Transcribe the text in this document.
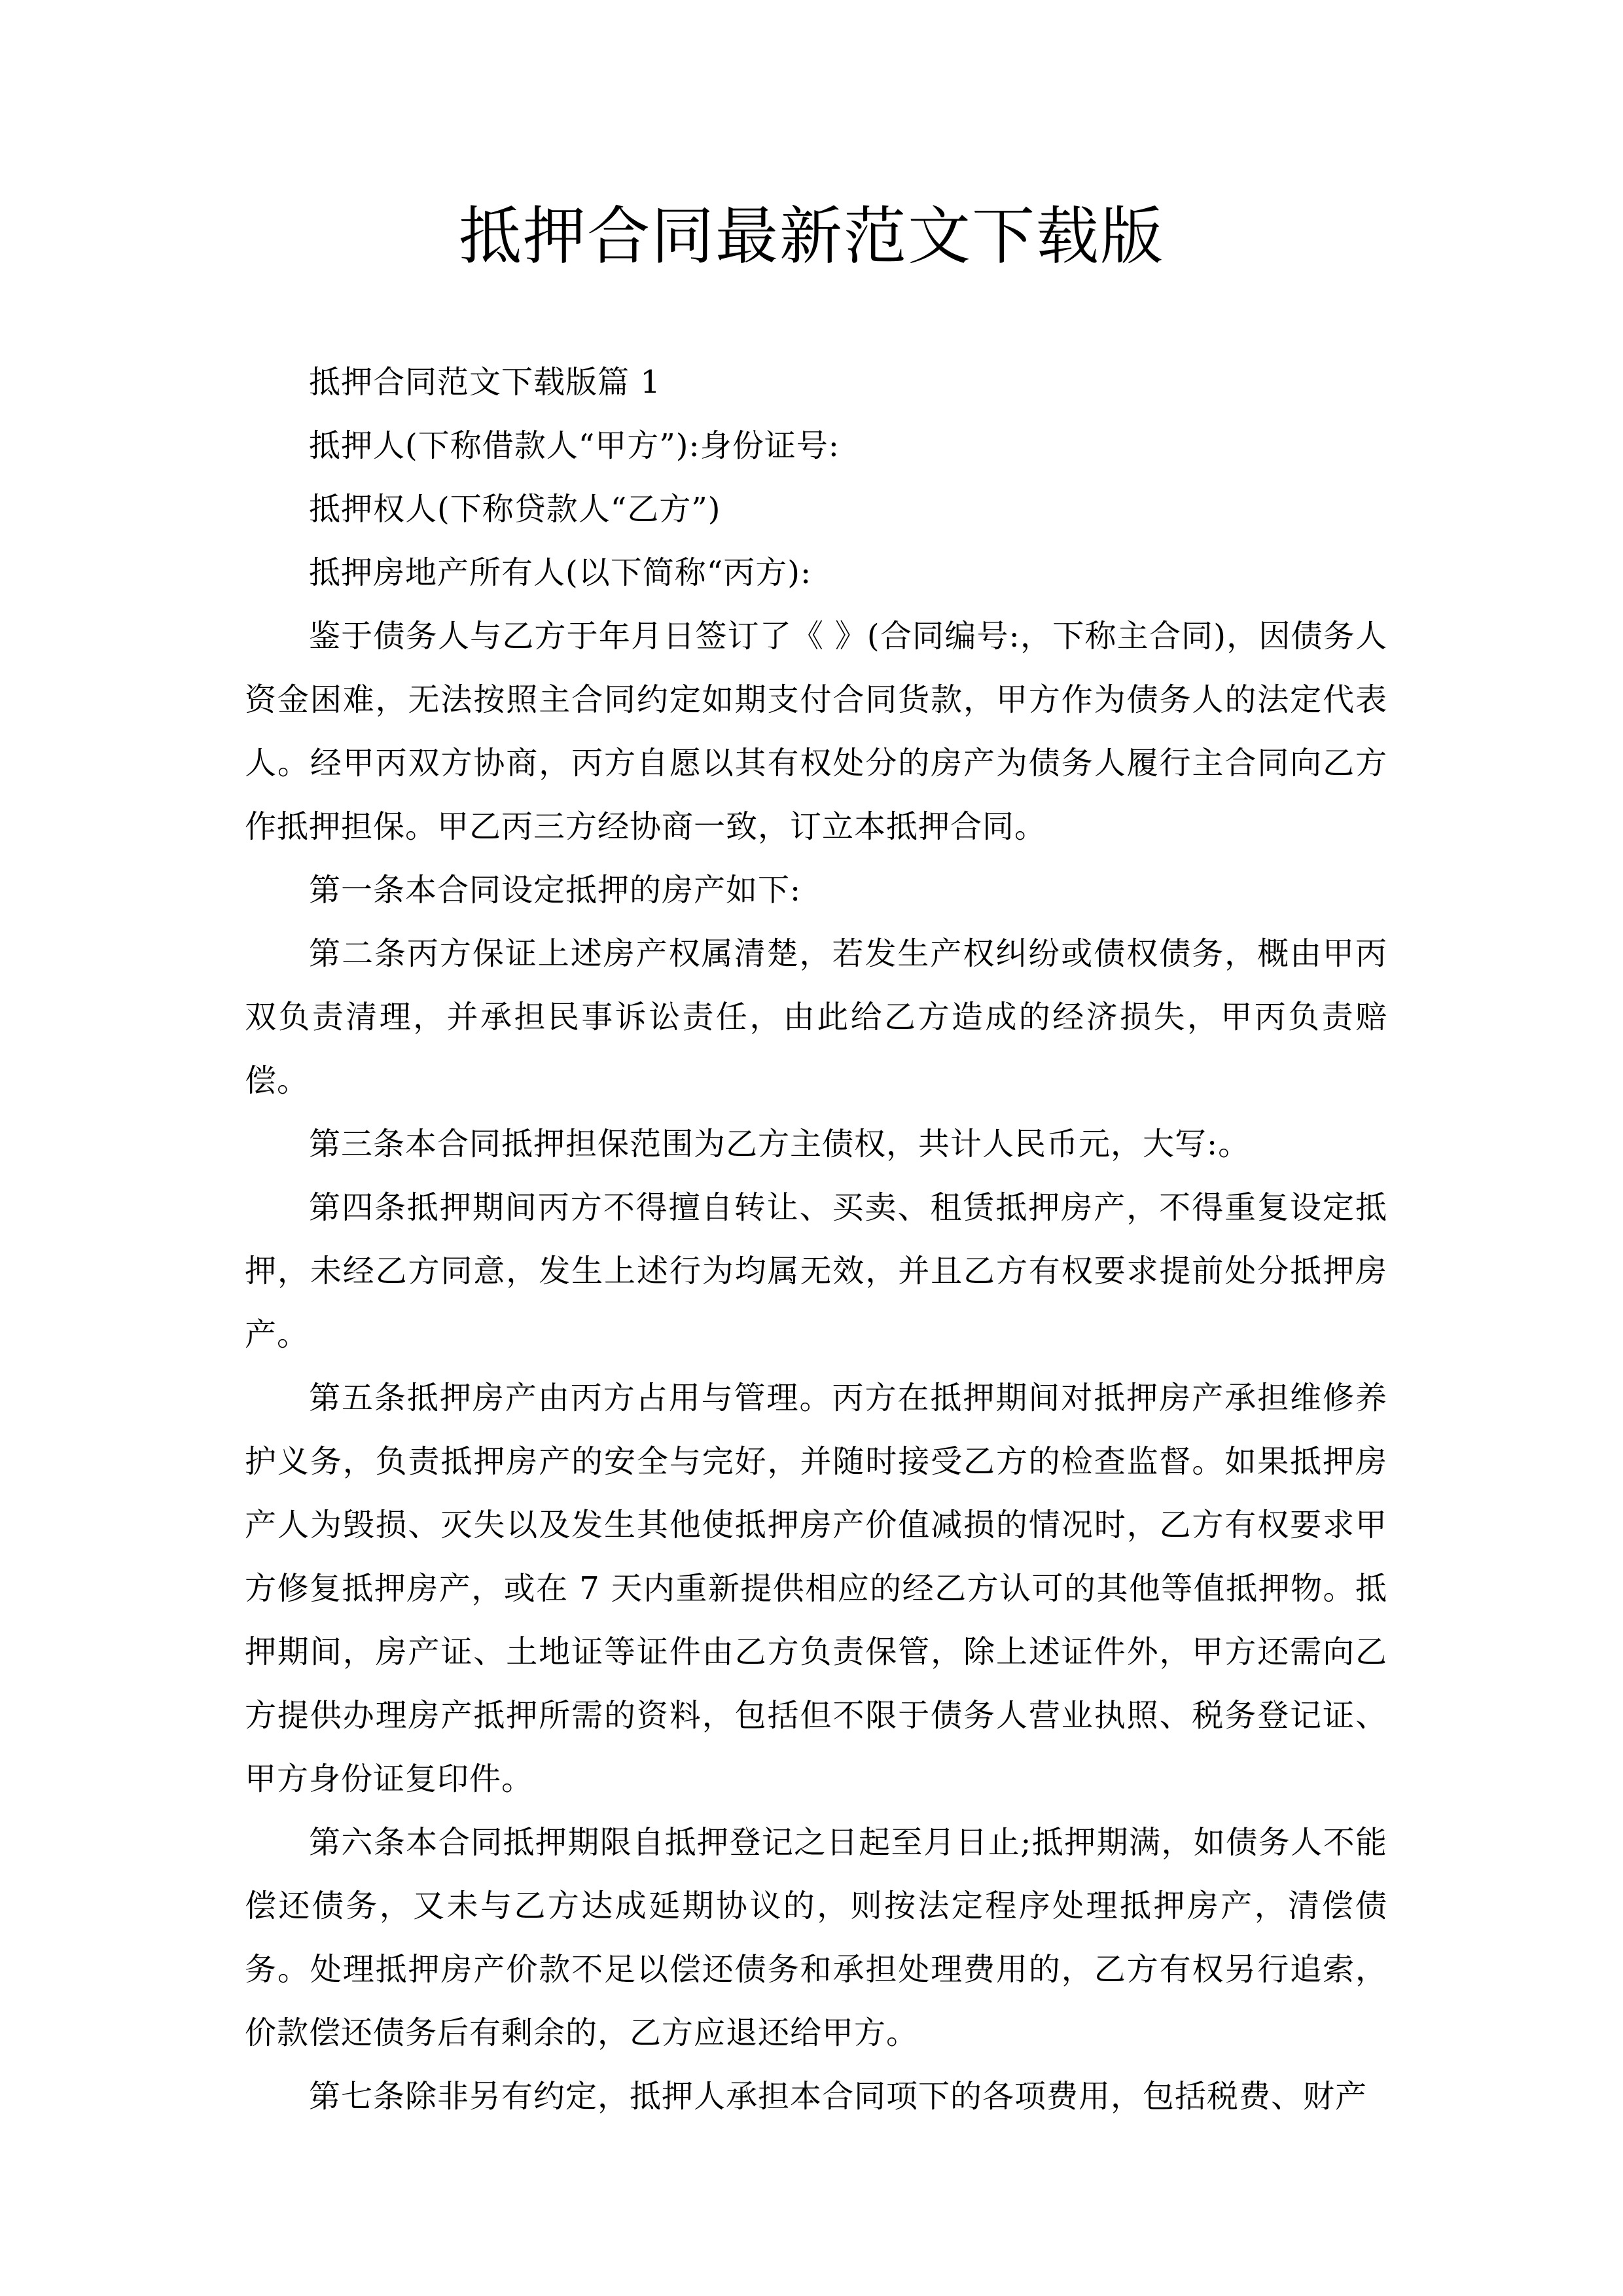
抵押合同最新范文下载版

抵押合同范文下载版篇 1

抵押人(下称借款人“甲方”):身份证号:

抵押权人(下称贷款人“乙方”)

抵押房地产所有人(以下简称“丙方):

鉴于债务人与乙方于年月日签订了《 》(合同编号:，下称主合同)，因债务人资金困难，无法按照主合同约定如期支付合同货款，甲方作为债务人的法定代表人。经甲丙双方协商，丙方自愿以其有权处分的房产为债务人履行主合同向乙方作抵押担保。甲乙丙三方经协商一致，订立本抵押合同。

第一条本合同设定抵押的房产如下:

第二条丙方保证上述房产权属清楚，若发生产权纠纷或债权债务，概由甲丙双负责清理，并承担民事诉讼责任，由此给乙方造成的经济损失，甲丙负责赔偿。

第三条本合同抵押担保范围为乙方主债权，共计人民币元，大写:。

第四条抵押期间丙方不得擅自转让、买卖、租赁抵押房产，不得重复设定抵押，未经乙方同意，发生上述行为均属无效，并且乙方有权要求提前处分抵押房产。

第五条抵押房产由丙方占用与管理。丙方在抵押期间对抵押房产承担维修养护义务，负责抵押房产的安全与完好，并随时接受乙方的检查监督。如果抵押房产人为毁损、灭失以及发生其他使抵押房产价值减损的情况时，乙方有权要求甲方修复抵押房产，或在 7 天内重新提供相应的经乙方认可的其他等值抵押物。抵押期间，房产证、土地证等证件由乙方负责保管，除上述证件外，甲方还需向乙方提供办理房产抵押所需的资料，包括但不限于债务人营业执照、税务登记证、甲方身份证复印件。

第六条本合同抵押期限自抵押登记之日起至月日止;抵押期满，如债务人不能偿还债务，又未与乙方达成延期协议的，则按法定程序处理抵押房产，清偿债务。处理抵押房产价款不足以偿还债务和承担处理费用的，乙方有权另行追索，价款偿还债务后有剩余的，乙方应退还给甲方。

第七条除非另有约定，抵押人承担本合同项下的各项费用，包括税费、财产
